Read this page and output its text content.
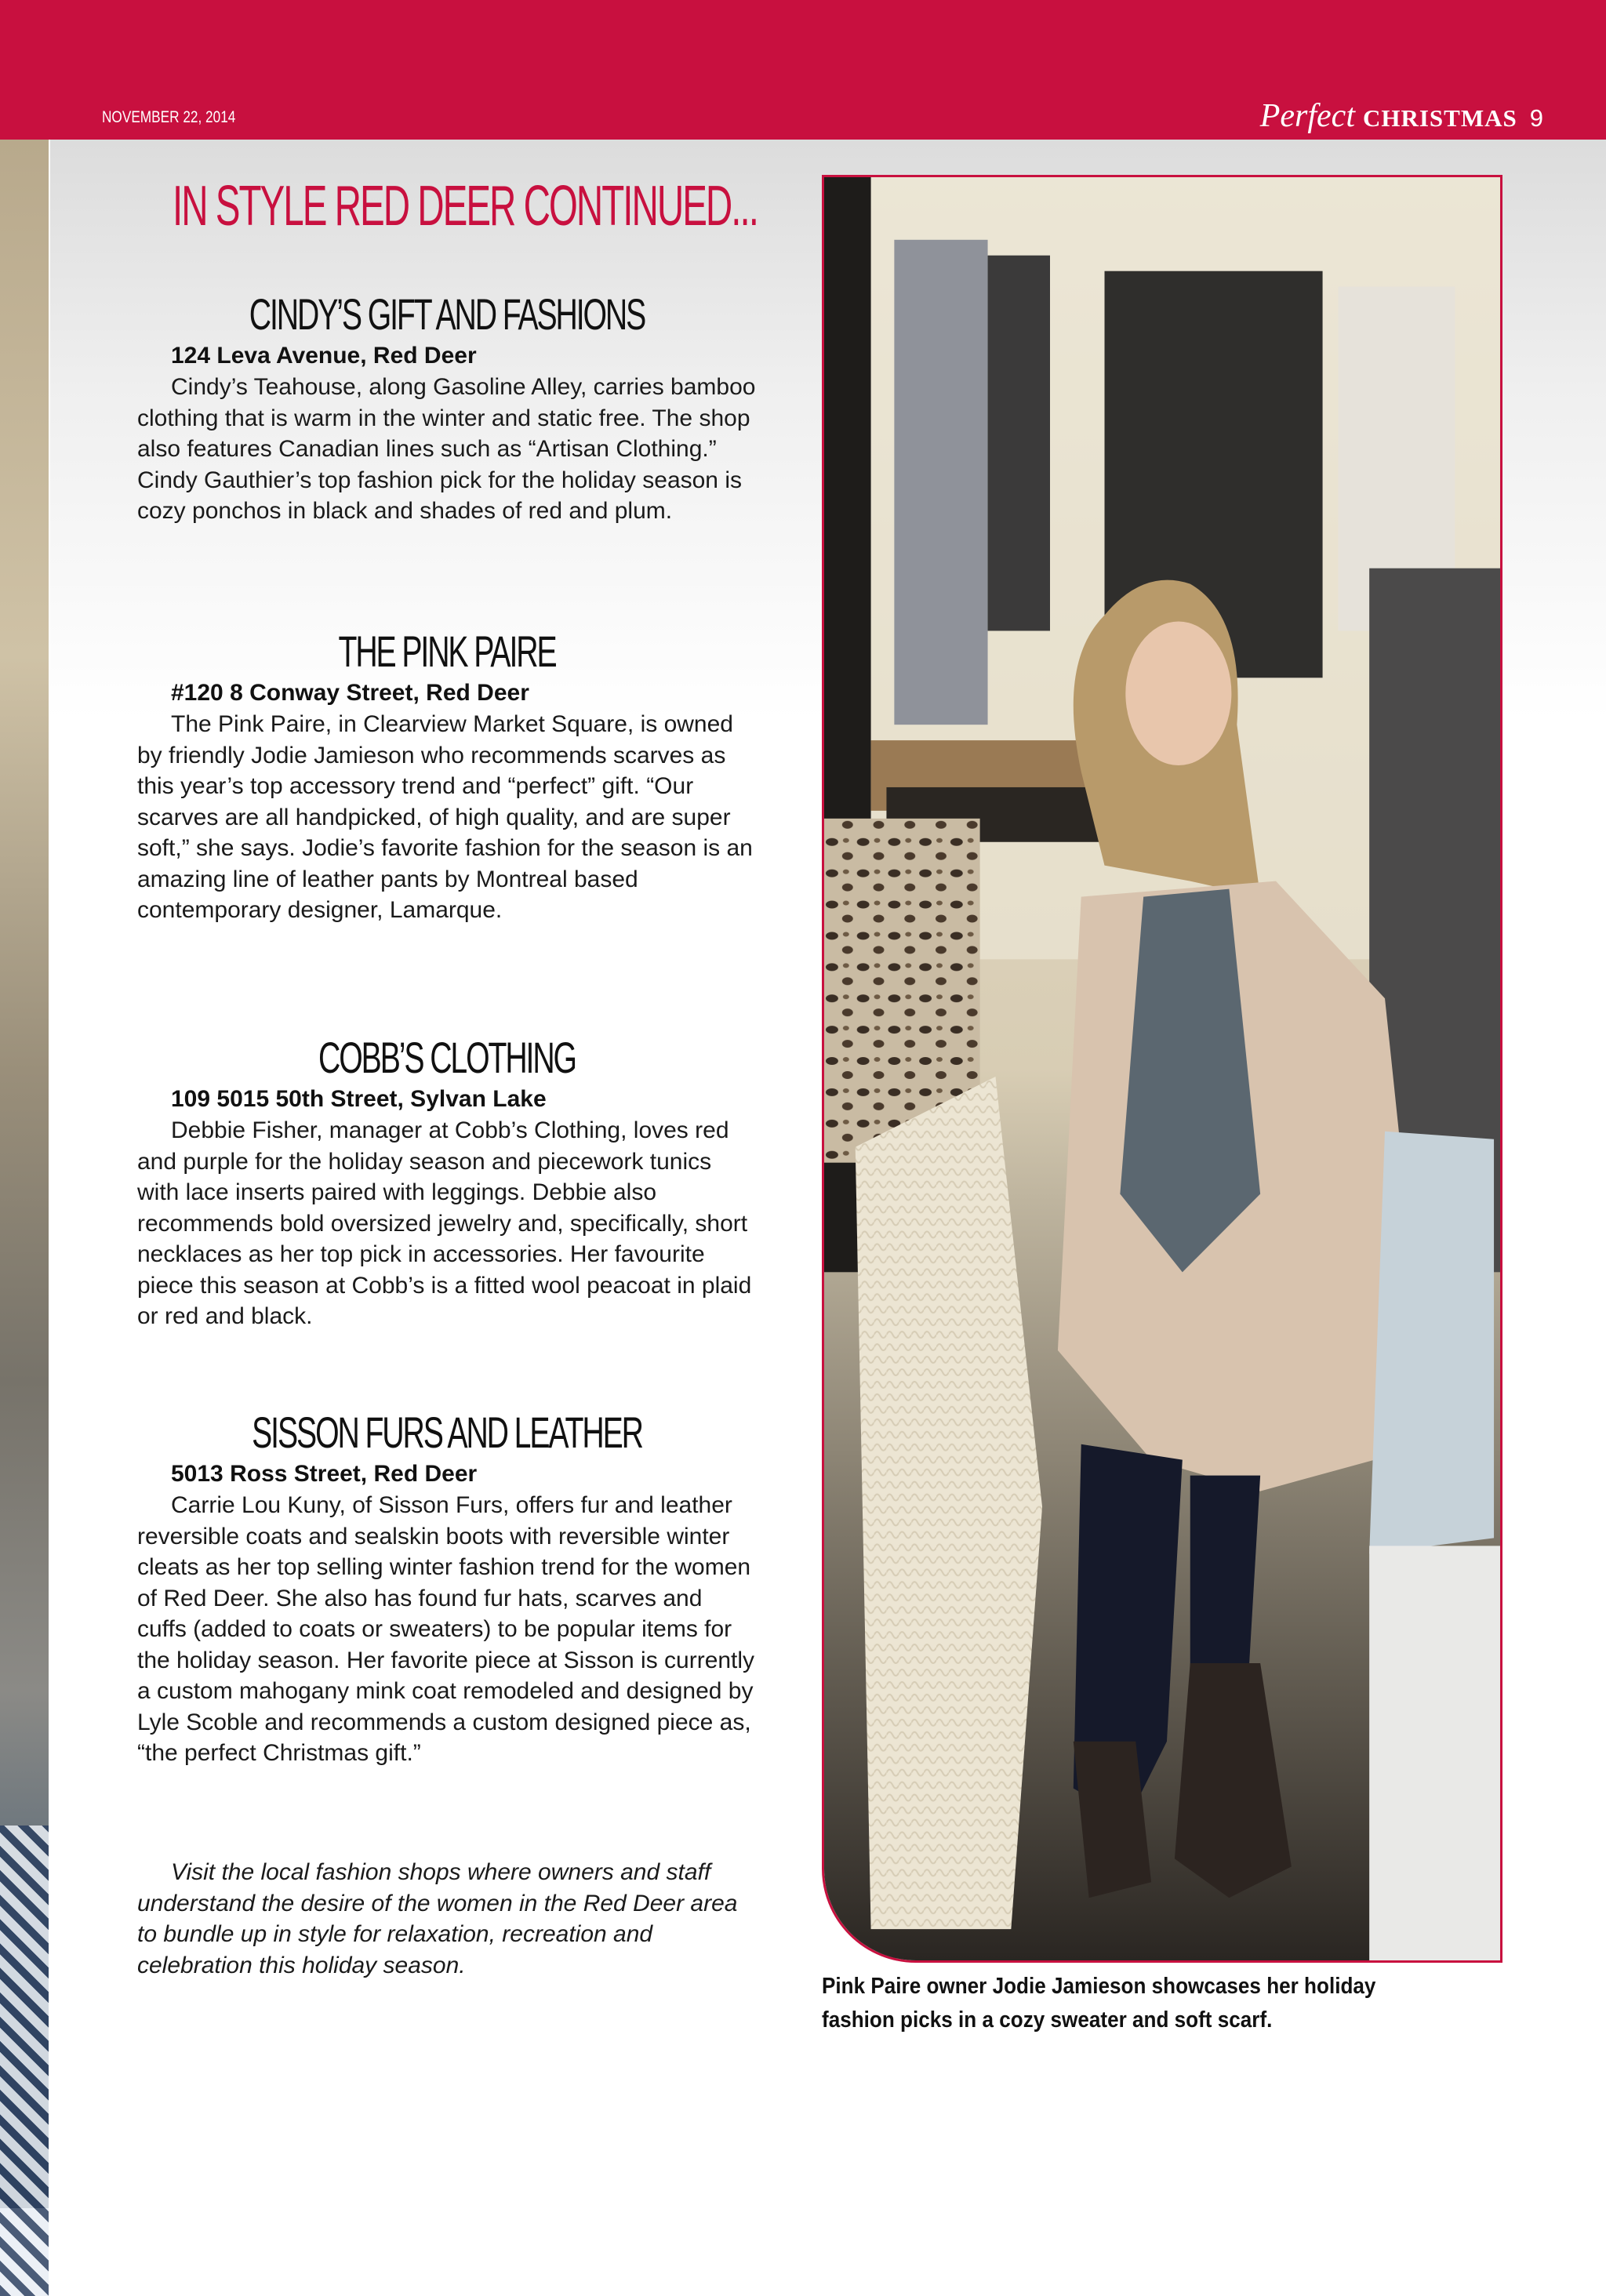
NOVEMBER 22, 2014	Perfect CHRISTMAS 9
IN STYLE RED DEER CONTINUED...
CINDY’S GIFT AND FASHIONS
124 Leva Avenue, Red Deer

Cindy’s Teahouse, along Gasoline Alley, carries bamboo clothing that is warm in the winter and static free. The shop also features Canadian lines such as “Artisan Clothing.” Cindy Gauthier’s top fashion pick for the holiday season is cozy ponchos in black and shades of red and plum.

THE PINK PAIRE
#120 8 Conway Street, Red Deer

The Pink Paire, in Clearview Market Square, is owned by friendly Jodie Jamieson who recommends scarves as this year’s top accessory trend and “perfect” gift. “Our scarves are all handpicked, of high quality, and are super soft,” she says. Jodie’s favorite fashion for the season is an amazing line of leather pants by Montreal based contemporary designer, Lamarque.

COBB’S CLOTHING
109 5015 50th Street, Sylvan Lake

Debbie Fisher, manager at Cobb’s Clothing, loves red and purple for the holiday season and piecework tunics with lace inserts paired with leggings. Debbie also recommends bold oversized jewelry and, specifically, short necklaces as her top pick in accessories. Her favourite piece this season at Cobb’s is a fitted wool peacoat in plaid or red and black.

SISSON FURS AND LEATHER
5013 Ross Street, Red Deer

Carrie Lou Kuny, of Sisson Furs, offers fur and leather reversible coats and sealskin boots with reversible winter cleats as her top selling winter fashion trend for the women of Red Deer. She also has found fur hats, scarves and cuffs (added to coats or sweaters) to be popular items for the holiday season. Her favorite piece at Sisson is currently a custom mahogany mink coat remodeled and designed by Lyle Scoble and recommends a custom designed piece as, “the perfect Christmas gift.”

Visit the local fashion shops where owners and staff understand the desire of the women in the Red Deer area to bundle up in style for relaxation, recreation and celebration this holiday season.

Pink Paire owner Jodie Jamieson showcases her holiday fashion picks in a cozy sweater and soft scarf.
